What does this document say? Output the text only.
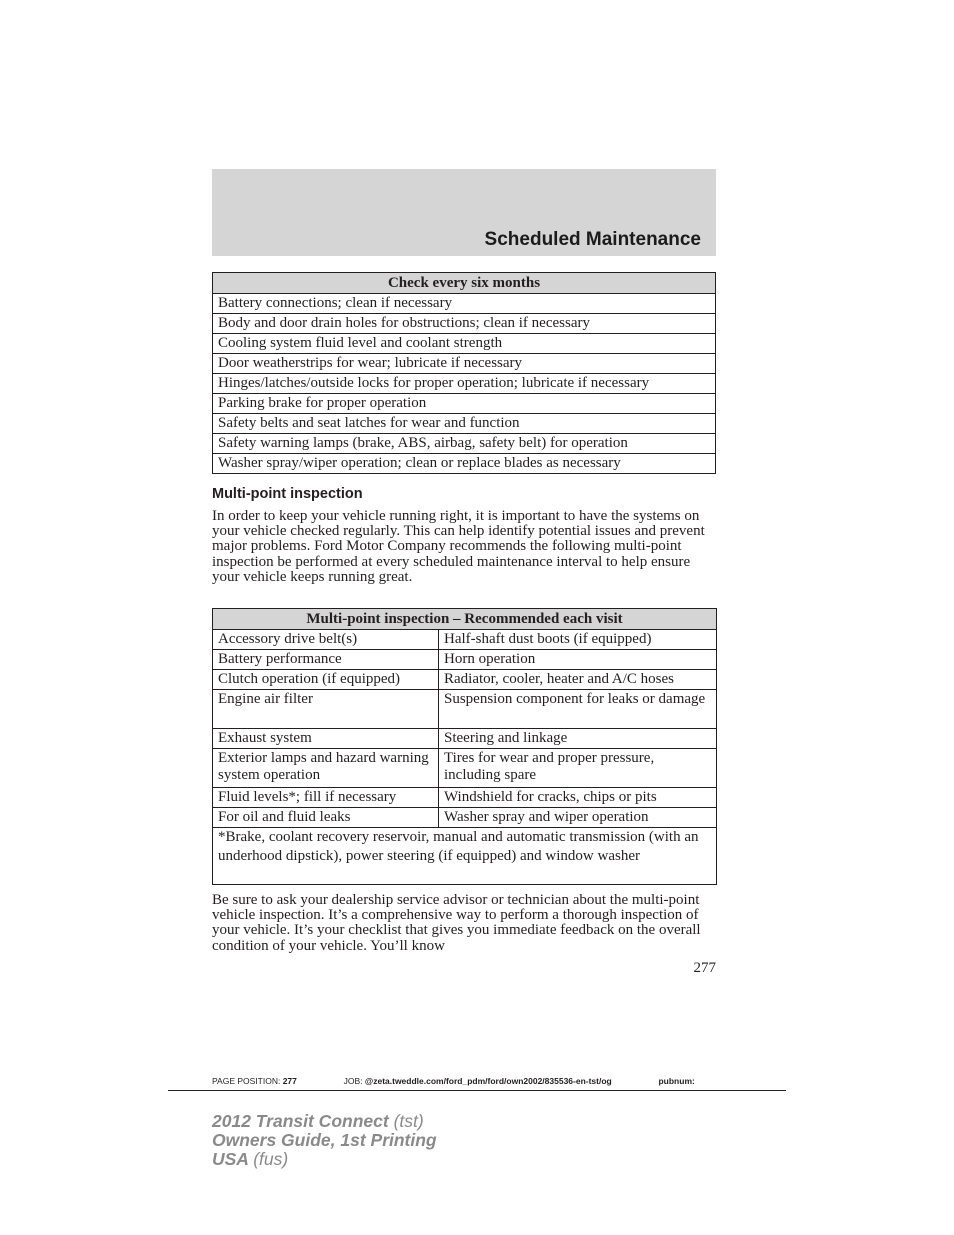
Scheduled Maintenance
Check every six months
Battery connections; clean if necessary
Body and door drain holes for obstructions; clean if necessary
Cooling system fluid level and coolant strength
Door weatherstrips for wear; lubricate if necessary
Hinges/latches/outside locks for proper operation; lubricate if necessary
Parking brake for proper operation
Safety belts and seat latches for wear and function
Safety warning lamps (brake, ABS, airbag, safety belt) for operation
Washer spray/wiper operation; clean or replace blades as necessary
Multi-point inspection

In order to keep your vehicle running right, it is important to have the systems on your vehicle checked regularly. This can help identify potential issues and prevent major problems. Ford Motor Company recommends the following multi-point inspection be performed at every scheduled maintenance interval to help ensure your vehicle keeps running great.

Multi-point inspection – Recommended each visit	
Accessory drive belt(s)	Half-shaft dust boots (if equipped)
Battery performance	Horn operation
Clutch operation (if equipped)	Radiator, cooler, heater and A/C hoses
Engine air filter	Suspension component for leaks or damage
Exhaust system	Steering and linkage
Exterior lamps and hazard warning system operation	Tires for wear and proper pressure, including spare
Fluid levels*; fill if necessary	Windshield for cracks, chips or pits
For oil and fluid leaks	Washer spray and wiper operation
*Brake, coolant recovery reservoir, manual and automatic transmission (with an underhood dipstick), power steering (if equipped) and window washer	

Be sure to ask your dealership service advisor or technician about the multi-point vehicle inspection. It’s a comprehensive way to perform a thorough inspection of your vehicle. It’s your checklist that gives you immediate feedback on the overall condition of your vehicle. You’ll know

277
PAGE POSITION: 277	JOB: @zeta.tweddle.com/ford_pdm/ford/own2002/835536-en-tst/og	pubnum:
2012 Transit Connect (tst)
Owners Guide, 1st Printing
USA (fus)
